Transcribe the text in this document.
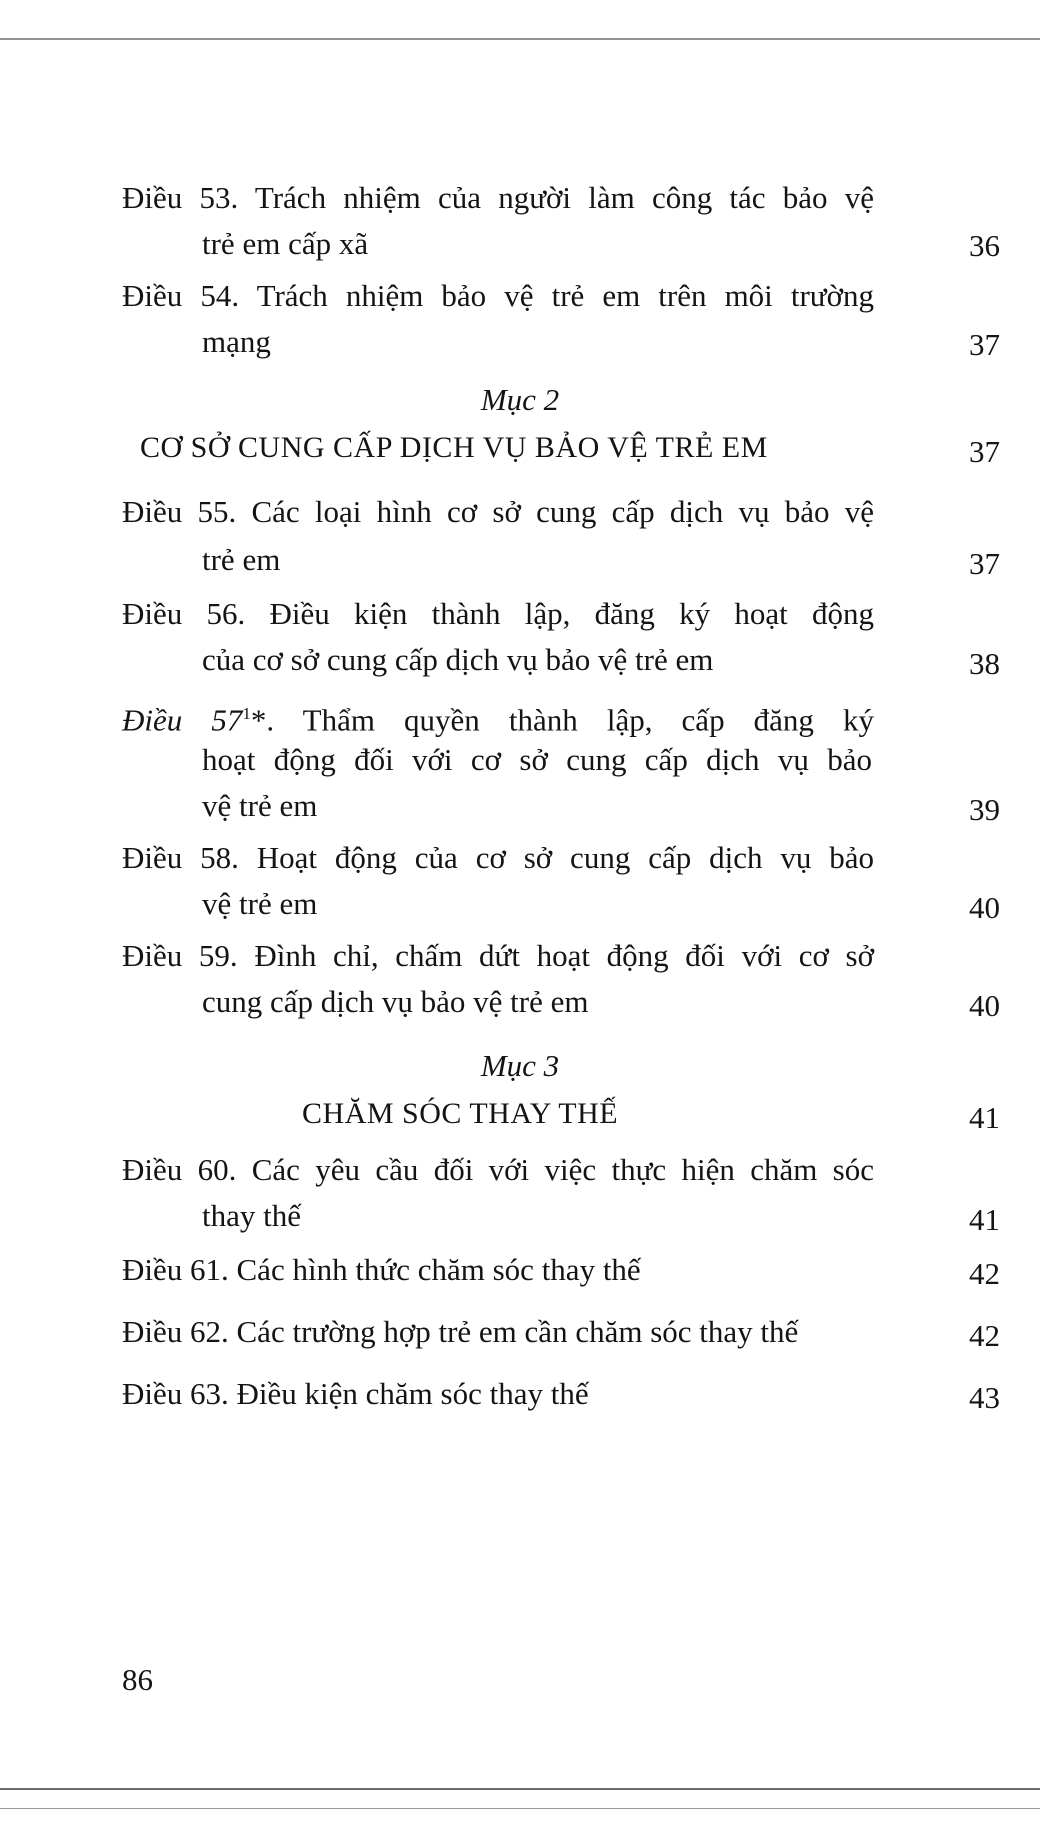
Điều 53. Trách nhiệm của người làm công tác bảo vệ
trẻ em cấp xã	36
Điều 54. Trách nhiệm bảo vệ trẻ em trên môi trường
mạng	37
Mục 2
CƠ SỞ CUNG CẤP DỊCH VỤ BẢO VỆ TRẺ EM	37
Điều 55. Các loại hình cơ sở cung cấp dịch vụ bảo vệ
trẻ em	37
Điều 56. Điều kiện thành lập, đăng ký hoạt động
của cơ sở cung cấp dịch vụ bảo vệ trẻ em	38
Điều $57^1*$. Thẩm quyền thành lập, cấp đăng ký
hoạt động đối với cơ sở cung cấp dịch vụ bảo
vệ trẻ em	39
Điều 58. Hoạt động của cơ sở cung cấp dịch vụ bảo
vệ trẻ em	40
Điều 59. Đình chỉ, chấm dứt hoạt động đối với cơ sở
cung cấp dịch vụ bảo vệ trẻ em	40
Mục 3
CHĂM SÓC THAY THẾ	41
Điều 60. Các yêu cầu đối với việc thực hiện chăm sóc
thay thế	41
Điều 61. Các hình thức chăm sóc thay thế	42
Điều 62. Các trường hợp trẻ em cần chăm sóc thay thế	42
Điều 63. Điều kiện chăm sóc thay thế	43
86
